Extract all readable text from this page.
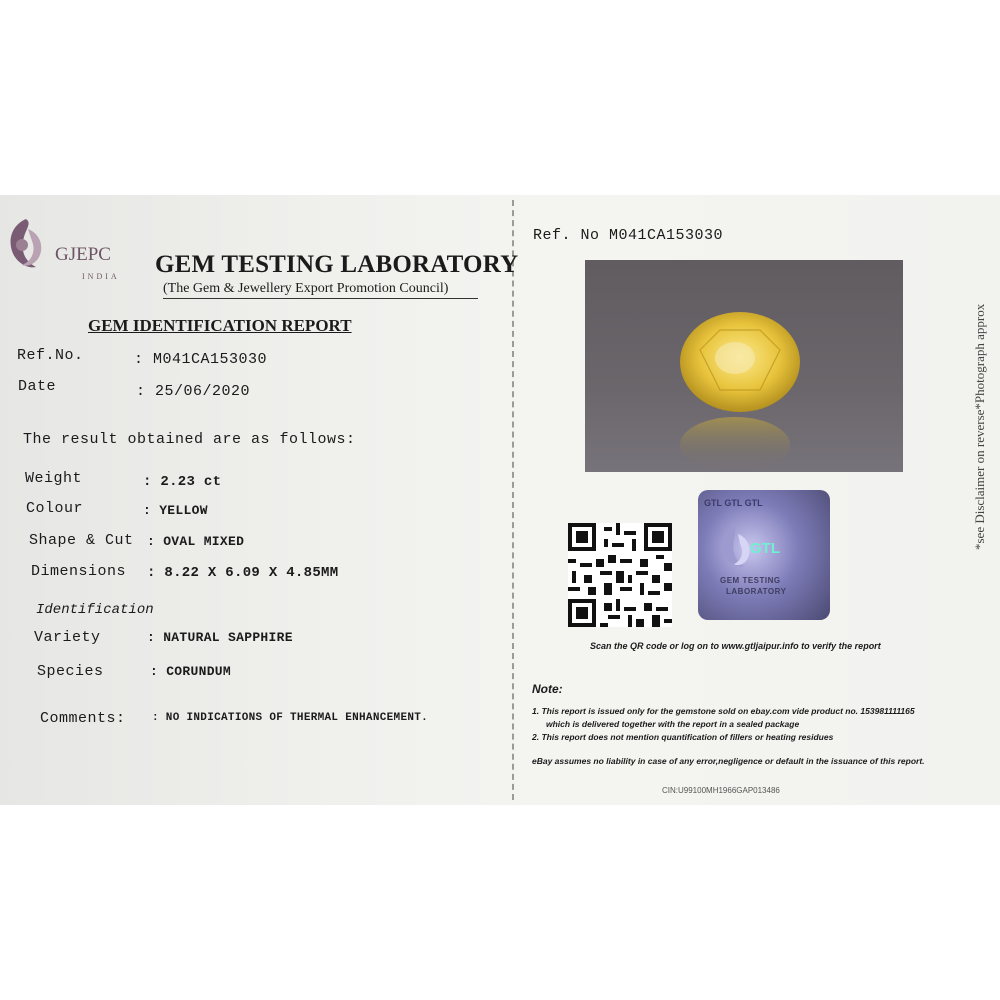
GJEPC
INDIA GEM TESTING LABORATORY
(The Gem & Jewellery Export Promotion Council)
GEM IDENTIFICATION REPORT
Ref.No.	: M041CA153030
Date	: 25/06/2020
The result obtained are as follows:
Weight	: 2.23 ct
Colour	: YELLOW
Shape & Cut : OVAL MIXED
Dimensions : 8.22 X 6.09 X 4.85MM
Identification
Variety	: NATURAL SAPPHIRE
Species	: CORUNDUM
Comments: : NO INDICATIONS OF THERMAL ENHANCEMENT.
Ref. No M041CA153030
*see Disclaimer on reverse*Photograph approx
GTL GTL GTL
GTL
GEM TESTING
LABORATORY
Scan the QR code or log on to www.gtljaipur.info to verify the report
Note:
1. This report is issued only for the gemstone sold on ebay.com vide product no. 153981111165
which is delivered together with the report in a sealed package
2. This report does not mention quantification of fillers or heating residues
eBay assumes no liability in case of any error,negligence or default in the issuance of this report.
CIN:U99100MH1966GAP013486
